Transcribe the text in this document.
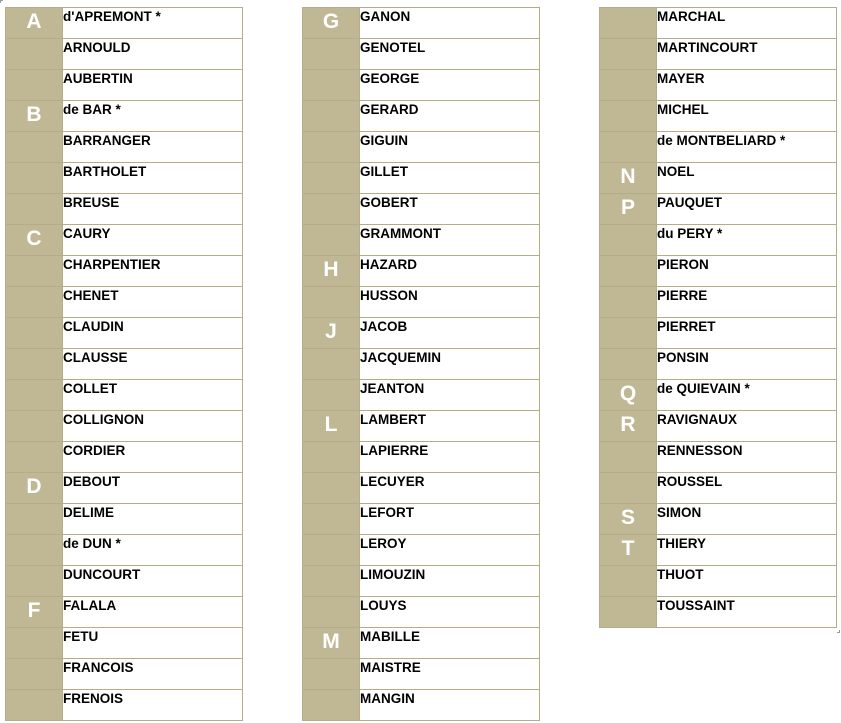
A	d'APREMONT *
	ARNOULD
	AUBERTIN
B	de BAR *
	BARRANGER
	BARTHOLET
	BREUSE
C	CAURY
	CHARPENTIER
	CHENET
	CLAUDIN
	CLAUSSE
	COLLET
	COLLIGNON
	CORDIER
D	DEBOUT
	DELIME
	de DUN *
	DUNCOURT
F	FALALA
	FETU
	FRANCOIS
	FRENOIS
G	GANON
	GENOTEL
	GEORGE
	GERARD
	GIGUIN
	GILLET
	GOBERT
	GRAMMONT
H	HAZARD
	HUSSON
J	JACOB
	JACQUEMIN
	JEANTON
L	LAMBERT
	LAPIERRE
	LECUYER
	LEFORT
	LEROY
	LIMOUZIN
	LOUYS
M	MABILLE
	MAISTRE
	MANGIN
	MARCHAL
	MARTINCOURT
	MAYER
	MICHEL
	de MONTBELIARD *
N	NOEL
P	PAUQUET
	du PERY *
	PIERON
	PIERRE
	PIERRET
	PONSIN
Q	de QUIEVAIN *
R	RAVIGNAUX
	RENNESSON
	ROUSSEL
S	SIMON
T	THIERY
	THUOT
	TOUSSAINT
